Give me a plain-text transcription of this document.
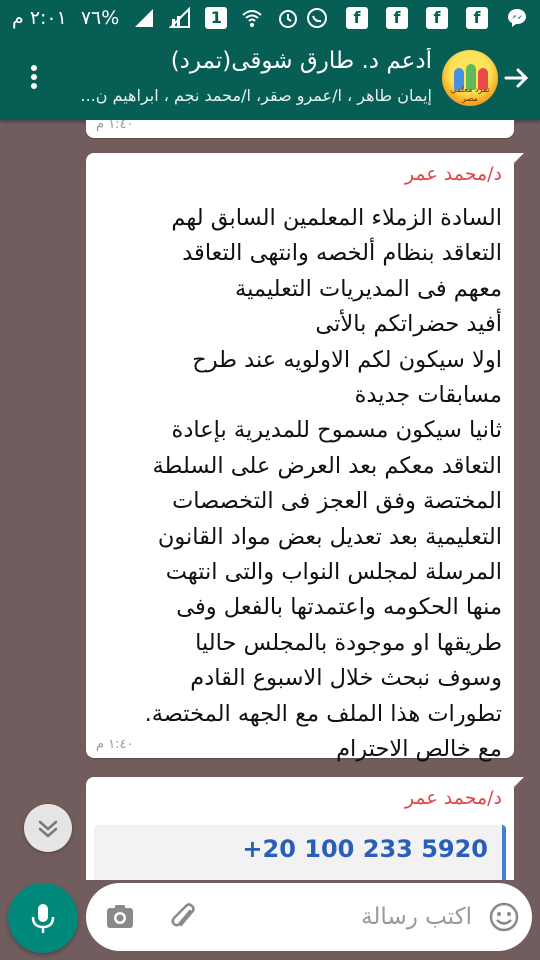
٢:٠١ م %٧٦	1	f	f	f	f
تمرد معلمي مصر
أدعم د. طارق شوقى(تمرد)
إيمان طاهر ، ا/عمرو صقر، ا/محمد نجم ، ابراهيم ن...
١:٤٠ م
د/محمد عمر
السادة الزملاء المعلمين السابق لهم
التعاقد بنظام ألخصه وانتهى التعاقد
معهم فى المديريات التعليمية
أفيد حضراتكم بالأتى
اولا سيكون لكم الاولويه عند طرح
مسابقات جديدة
ثانيا سيكون مسموح للمديرية بإعادة
التعاقد معكم بعد العرض على السلطة
المختصة وفق العجز فى التخصصات
التعليمية بعد تعديل بعض مواد القانون
المرسلة لمجلس النواب والتى انتهت
منها الحكومه واعتمدتها بالفعل وفى
طريقها او موجودة بالمجلس حاليا
وسوف نبحث خلال الاسبوع القادم
تطورات هذا الملف مع الجهه المختصة.
مع خالص الاحترام
١:٤٠ م
د/محمد عمر
+20 100 233 5920
اكتب رسالة
